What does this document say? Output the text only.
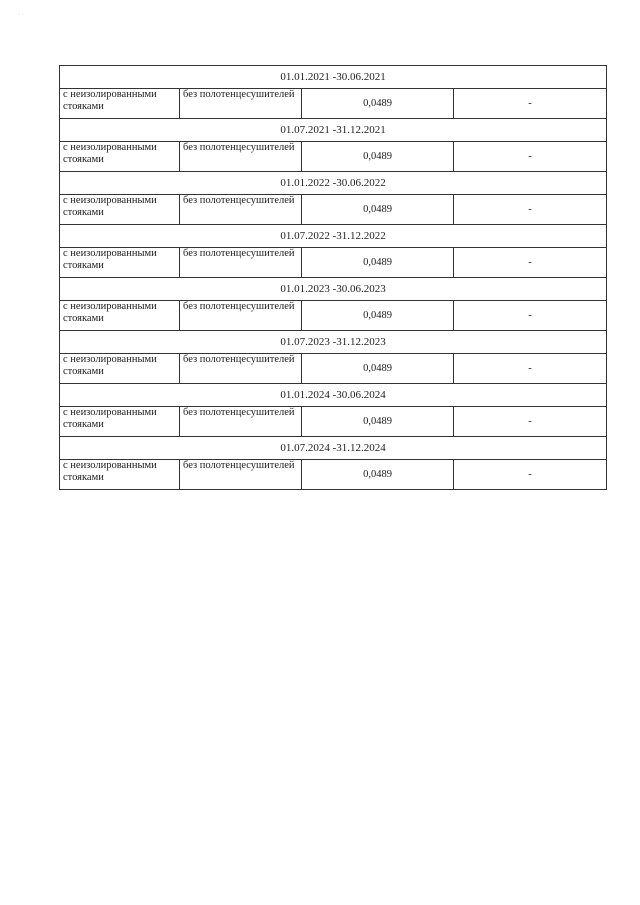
· ·
01.01.2021 -30.06.2021			
с неизолированными стояками	без полотенцесушителей	0,0489	-
01.07.2021 -31.12.2021			
с неизолированными стояками	без полотенцесушителей	0,0489	-
01.01.2022 -30.06.2022			
с неизолированными стояками	без полотенцесушителей	0,0489	-
01.07.2022 -31.12.2022			
с неизолированными стояками	без полотенцесушителей	0,0489	-
01.01.2023 -30.06.2023			
с неизолированными стояками	без полотенцесушителей	0,0489	-
01.07.2023 -31.12.2023			
с неизолированными стояками	без полотенцесушителей	0,0489	-
01.01.2024 -30.06.2024			
с неизолированными стояками	без полотенцесушителей	0,0489	-
01.07.2024 -31.12.2024			
с неизолированными стояками	без полотенцесушителей	0,0489	-
